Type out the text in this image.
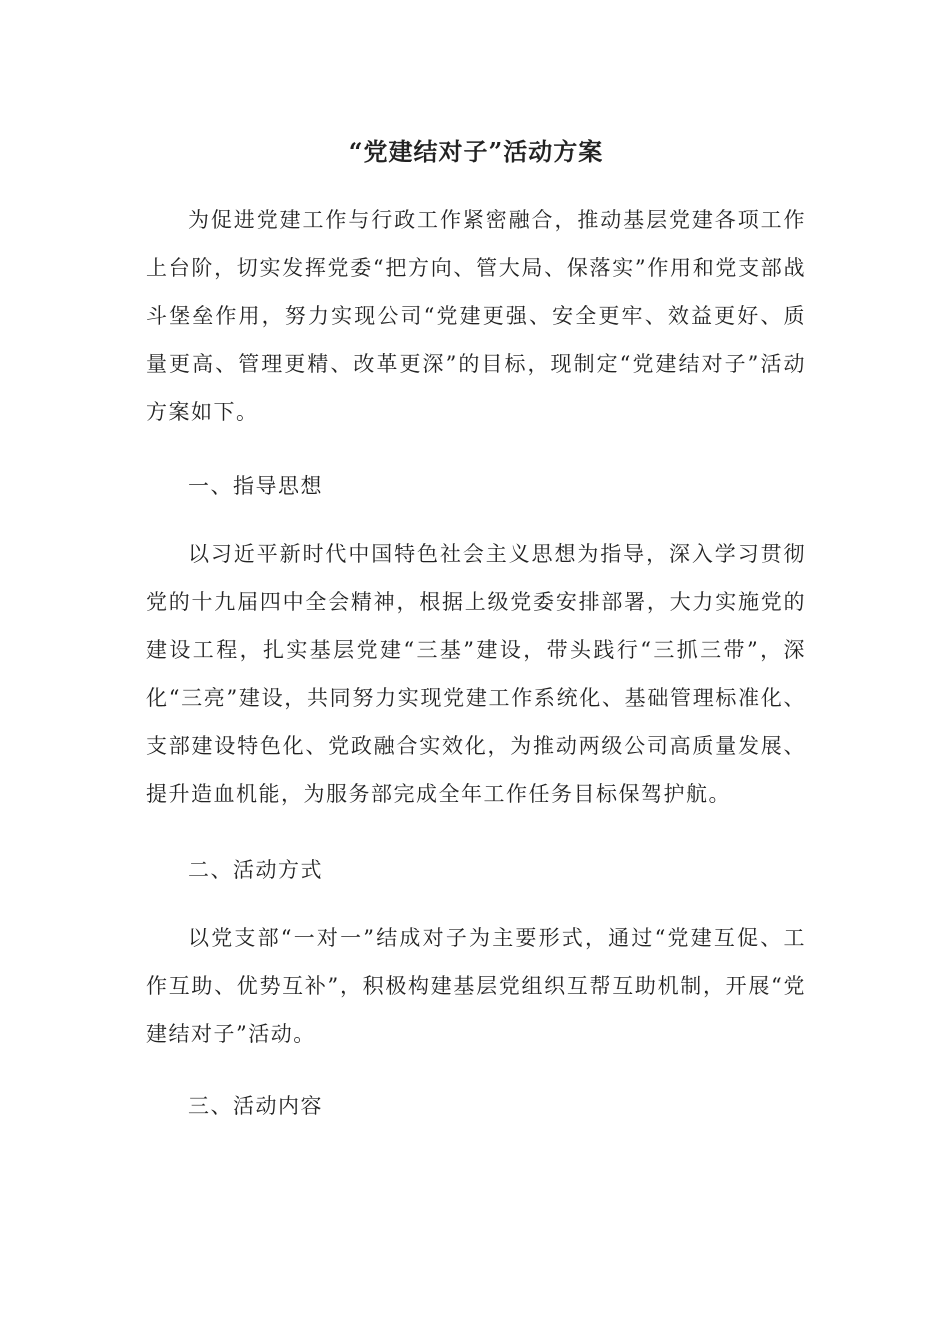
“党建结对子”活动方案

为促进党建工作与行政工作紧密融合，推动基层党建各项工作上台阶，切实发挥党委“把方向、管大局、保落实”作用和党支部战斗堡垒作用，努力实现公司“党建更强、安全更牢、效益更好、质量更高、管理更精、改革更深”的目标，现制定“党建结对子”活动方案如下。

一、指导思想

以习近平新时代中国特色社会主义思想为指导，深入学习贯彻党的十九届四中全会精神，根据上级党委安排部署，大力实施党的建设工程，扎实基层党建“三基”建设，带头践行“三抓三带”，深化“三亮”建设，共同努力实现党建工作系统化、基础管理标准化、支部建设特色化、党政融合实效化，为推动两级公司高质量发展、提升造血机能，为服务部完成全年工作任务目标保驾护航。

二、活动方式

以党支部“一对一”结成对子为主要形式，通过“党建互促、工作互助、优势互补”，积极构建基层党组织互帮互助机制，开展“党建结对子”活动。

三、活动内容
